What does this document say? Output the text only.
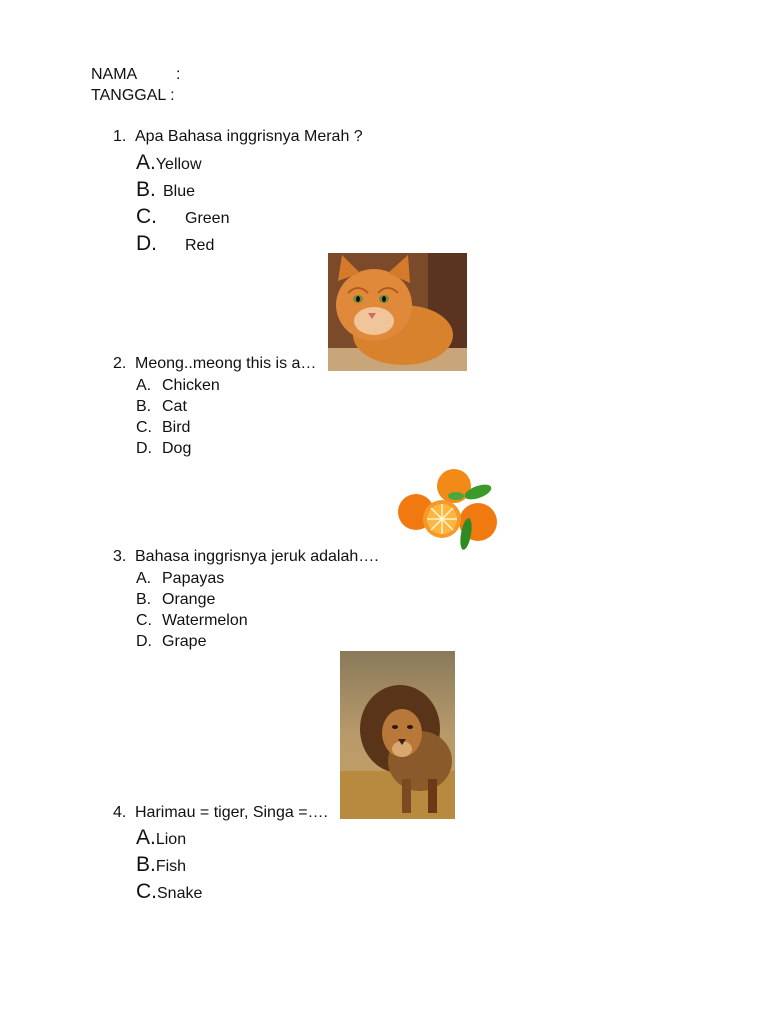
NAMA :
TANGGAL :
1. Apa Bahasa inggrisnya Merah ?
A.Yellow
B. Blue
C. Green
D. Red
2. Meong..meong this is a…
A. Chicken
B. Cat
C. Bird
D. Dog
3. Bahasa inggrisnya jeruk adalah….
A. Papayas
B. Orange
C. Watermelon
D. Grape
4. Harimau = tiger, Singa =….
A.Lion
B.Fish
C.Snake
